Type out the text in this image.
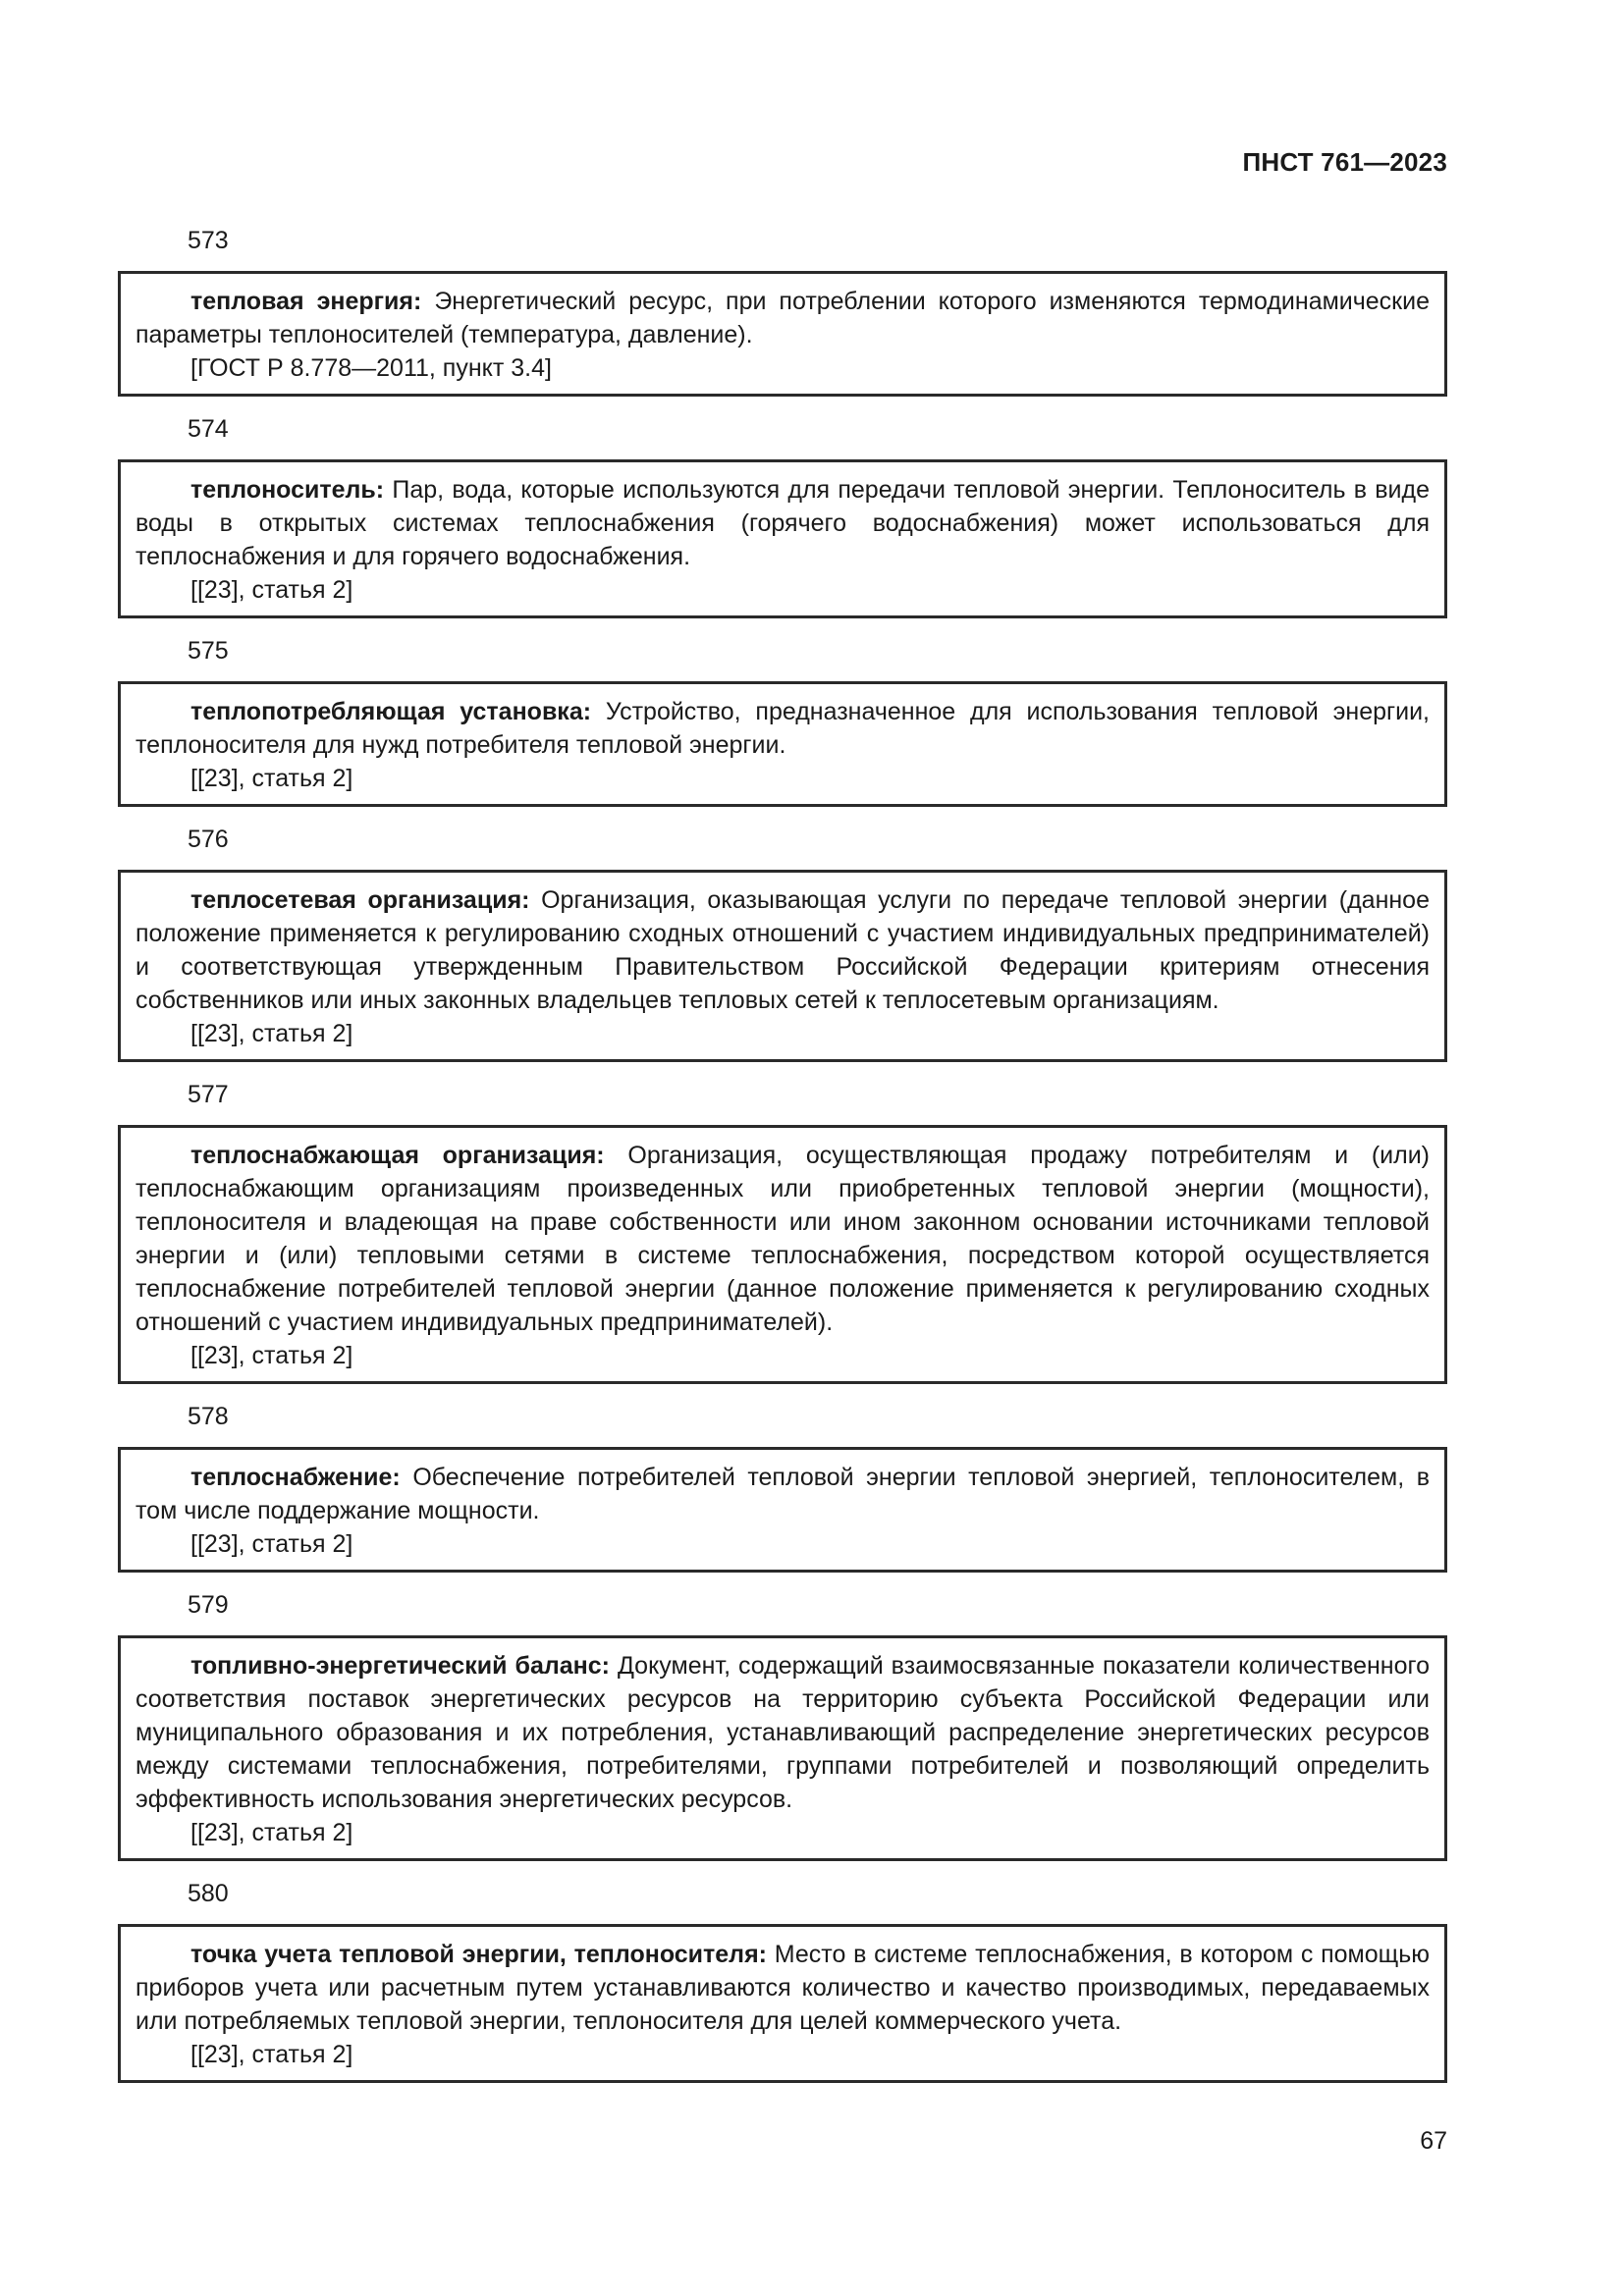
ПНСТ 761—2023
573

тепловая энергия: Энергетический ресурс, при потреблении которого изменяются термодинамические параметры теплоносителей (температура, давление).

[ГОСТ Р 8.778—2011, пункт 3.4]

574

теплоноситель: Пар, вода, которые используются для передачи тепловой энергии. Теплоноситель в виде воды в открытых системах теплоснабжения (горячего водоснабжения) может использоваться для теплоснабжения и для горячего водоснабжения.

[[23], статья 2]

575

теплопотребляющая установка: Устройство, предназначенное для использования тепловой энергии, теплоносителя для нужд потребителя тепловой энергии.

[[23], статья 2]

576

теплосетевая организация: Организация, оказывающая услуги по передаче тепловой энергии (данное положение применяется к регулированию сходных отношений с участием индивидуальных предпринимателей) и соответствующая утвержденным Правительством Российской Федерации критериям отнесения собственников или иных законных владельцев тепловых сетей к теплосетевым организациям.

[[23], статья 2]

577

теплоснабжающая организация: Организация, осуществляющая продажу потребителям и (или) теплоснабжающим организациям произведенных или приобретенных тепловой энергии (мощности), теплоносителя и владеющая на праве собственности или ином законном основании источниками тепловой энергии и (или) тепловыми сетями в системе теплоснабжения, посредством которой осуществляется теплоснабжение потребителей тепловой энергии (данное положение применяется к регулированию сходных отношений с участием индивидуальных предпринимателей).

[[23], статья 2]

578

теплоснабжение: Обеспечение потребителей тепловой энергии тепловой энергией, теплоносителем, в том числе поддержание мощности.

[[23], статья 2]

579

топливно-энергетический баланс: Документ, содержащий взаимосвязанные показатели количественного соответствия поставок энергетических ресурсов на территорию субъекта Российской Федерации или муниципального образования и их потребления, устанавливающий распределение энергетических ресурсов между системами теплоснабжения, потребителями, группами потребителей и позволяющий определить эффективность использования энергетических ресурсов.

[[23], статья 2]

580

точка учета тепловой энергии, теплоносителя: Место в системе теплоснабжения, в котором с помощью приборов учета или расчетным путем устанавливаются количество и качество производимых, передаваемых или потребляемых тепловой энергии, теплоносителя для целей коммерческого учета.

[[23], статья 2]

67
